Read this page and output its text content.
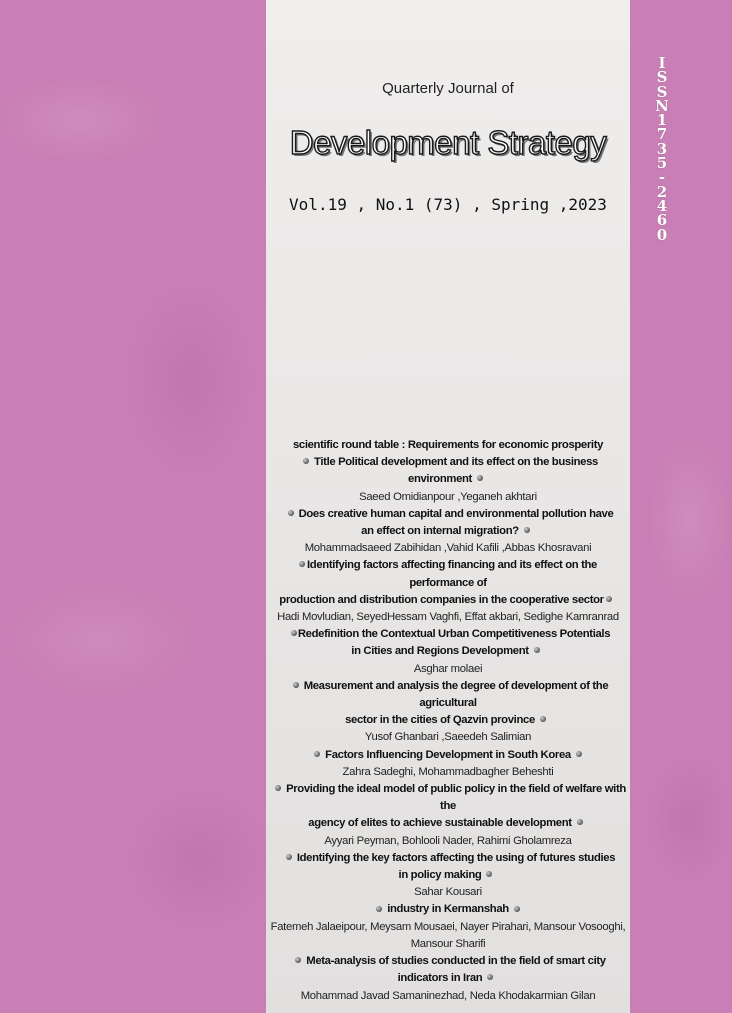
I
S
S
N
1
7
3
5
-
2
4
6
0
Quarterly Journal of
Development Strategy
Vol.19 , No.1 (73) , Spring ,2023
scientific round table : Requirements for economic prosperity
Title Political development and its effect on the business environment
Saeed Omidianpour ,Yeganeh akhtari
Does creative human capital and environmental pollution have
an effect on internal migration?
Mohammadsaeed Zabihidan ,Vahid Kafili ,Abbas Khosravani
Identifying factors affecting financing and its effect on the performance of
production and distribution companies in the cooperative sector
Hadi Movludian, SeyedHessam Vaghfi, Effat akbari, Sedighe Kamranrad
Redefinition the Contextual Urban Competitiveness Potentials
in Cities and Regions Development
Asghar molaei
Measurement and analysis the degree of development of the agricultural
sector in the cities of Qazvin province
Yusof Ghanbari ,Saeedeh Salimian
Factors Influencing Development in South Korea
Zahra Sadeghi, Mohammadbagher Beheshti
Providing the ideal model of public policy in the field of welfare with the
agency of elites to achieve sustainable development
Ayyari Peyman, Bohlooli Nader, Rahimi Gholamreza
Identifying the key factors affecting the using of futures studies
in policy making
Sahar Kousari
industry in Kermanshah
Fatemeh Jalaeipour, Meysam Mousaei, Nayer Pirahari, Mansour Vosooghi,
Mansour Sharifi
Meta-analysis of studies conducted in the field of smart city
indicators in Iran
Mohammad Javad Samaninezhad, Neda Khodakarmian Gilan
